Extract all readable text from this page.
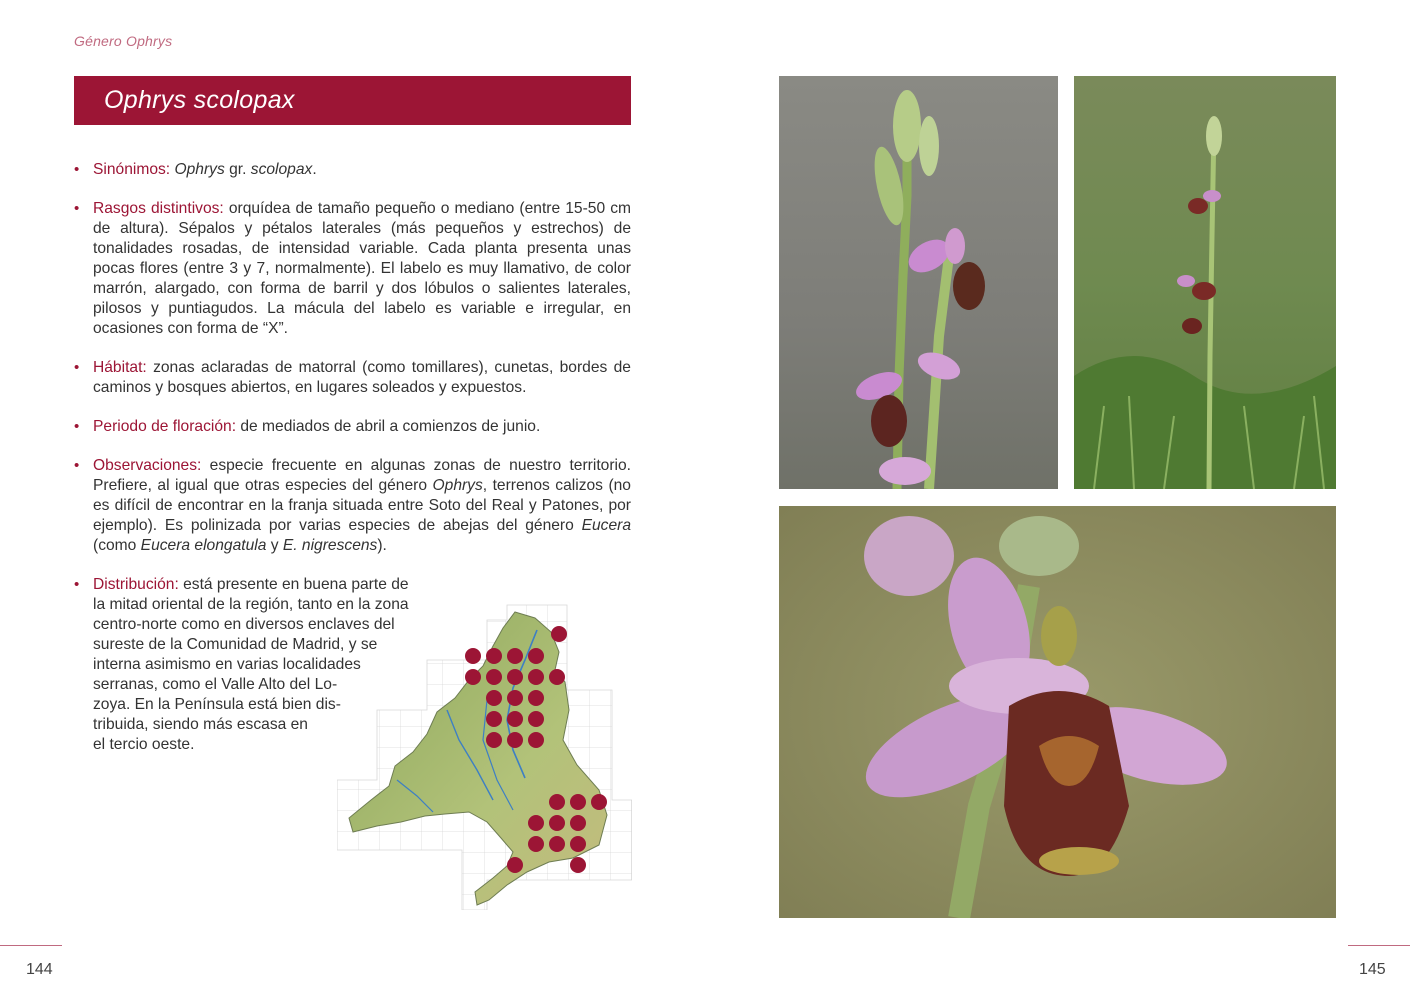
Género Ophrys
Ophrys scolopax
• Sinónimos: Ophrys gr. scolopax.
• Rasgos distintivos: orquídea de tamaño pequeño o mediano (entre 15-50 cm de altura). Sépalos y pétalos laterales (más pequeños y estrechos) de tonalidades rosadas, de intensidad variable. Cada planta presenta unas pocas flores (entre 3 y 7, normalmente). El labelo es muy llamativo, de color marrón, alargado, con forma de barril y dos lóbulos o salientes laterales, pilosos y puntiagudos. La mácula del labelo es variable e irregular, en ocasiones con forma de “X”.
• Hábitat: zonas aclaradas de matorral (como tomillares), cunetas, bordes de caminos y bosques abiertos, en lugares soleados y expuestos.
• Periodo de floración: de mediados de abril a comienzos de junio.
• Observaciones: especie frecuente en algunas zonas de nuestro territorio. Prefiere, al igual que otras especies del género Ophrys, terrenos calizos (no es difícil de encontrar en la franja situada entre Soto del Real y Patones, por ejemplo). Es polinizada por varias especies de abejas del género Eucera (como Eucera elongatula y E. nigrescens).
• Distribución: está presente en buena parte de
la mitad oriental de la región, tanto en la zona
centro-norte como en diversos enclaves del
sureste de la Comunidad de Madrid, y se
interna asimismo en varias localidades
serranas, como el Valle Alto del Lo-
zoya. En la Península está bien dis-
tribuida, siendo más escasa en
el tercio oeste.
144	145
